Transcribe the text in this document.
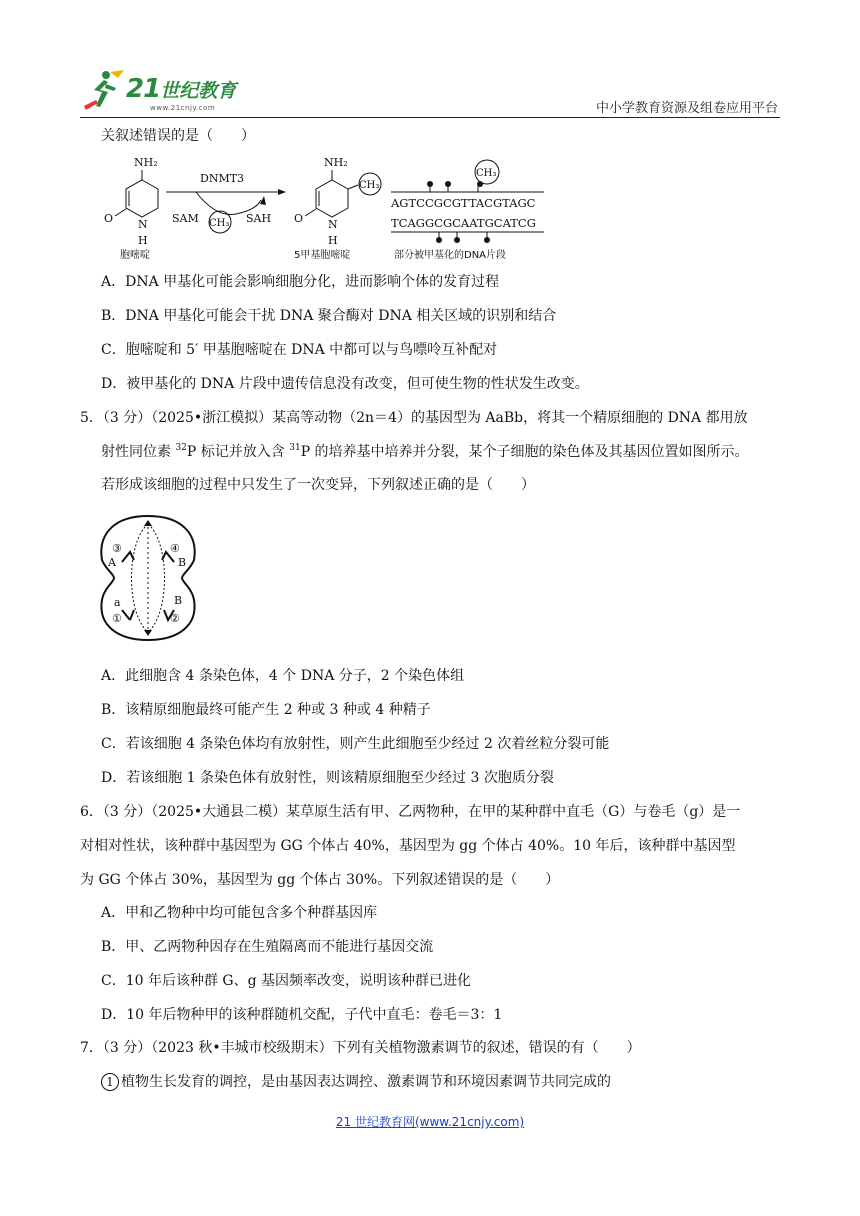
21世纪教育
www.21cnjy.com	中小学教育资源及组卷应用平台
关叙述错误的是（　　）
NH₂
O N
H
胞嘧啶
DNMT3
SAM CH₃ SAH
NH₂
CH₃
O N
H
5甲基胞嘧啶
CH₃
AGTCCGCGTTACGTAGC
TCAGGCGCAATGCATCG
部分被甲基化的DNA片段
A．DNA 甲基化可能会影响细胞分化，进而影响个体的发育过程
B．DNA 甲基化可能会干扰 DNA 聚合酶对 DNA 相关区域的识别和结合
C．胞嘧啶和 5′ 甲基胞嘧啶在 DNA 中都可以与鸟嘌呤互补配对
D．被甲基化的 DNA 片段中遗传信息没有改变，但可使生物的性状发生改变。
5．（3 分）（2025•浙江模拟）某高等动物（2n＝4）的基因型为 AaBb，将其一个精原细胞的 DNA 都用放
射性同位素 $^{32}$P 标记并放入含 $^{31}$P 的培养基中培养并分裂，某个子细胞的染色体及其基因位置如图所示。
若形成该细胞的过程中只发生了一次变异，下列叙述正确的是（　　）
③	④
A	B
a	B
①	②
A．此细胞含 4 条染色体，4 个 DNA 分子，2 个染色体组
B．该精原细胞最终可能产生 2 种或 3 种或 4 种精子
C．若该细胞 4 条染色体均有放射性，则产生此细胞至少经过 2 次着丝粒分裂可能
D．若该细胞 1 条染色体有放射性，则该精原细胞至少经过 3 次胞质分裂
6．（3 分）（2025•大通县二模）某草原生活有甲、乙两物种，在甲的某种群中直毛（G）与卷毛（g）是一
对相对性状，该种群中基因型为 GG 个体占 40%，基因型为 gg 个体占 40%。10 年后，该种群中基因型
为 GG 个体占 30%，基因型为 gg 个体占 30%。下列叙述错误的是（　　）
A．甲和乙物种中均可能包含多个种群基因库
B．甲、乙两物种因存在生殖隔离而不能进行基因交流
C．10 年后该种群 G、g 基因频率改变，说明该种群已进化
D．10 年后物种甲的该种群随机交配，子代中直毛：卷毛＝3：1
7．（3 分）（2023 秋•丰城市校级期末）下列有关植物激素调节的叙述，错误的有（　　）
1 植物生长发育的调控，是由基因表达调控、激素调节和环境因素调节共同完成的
21 世纪教育网(www.21cnjy.com)
